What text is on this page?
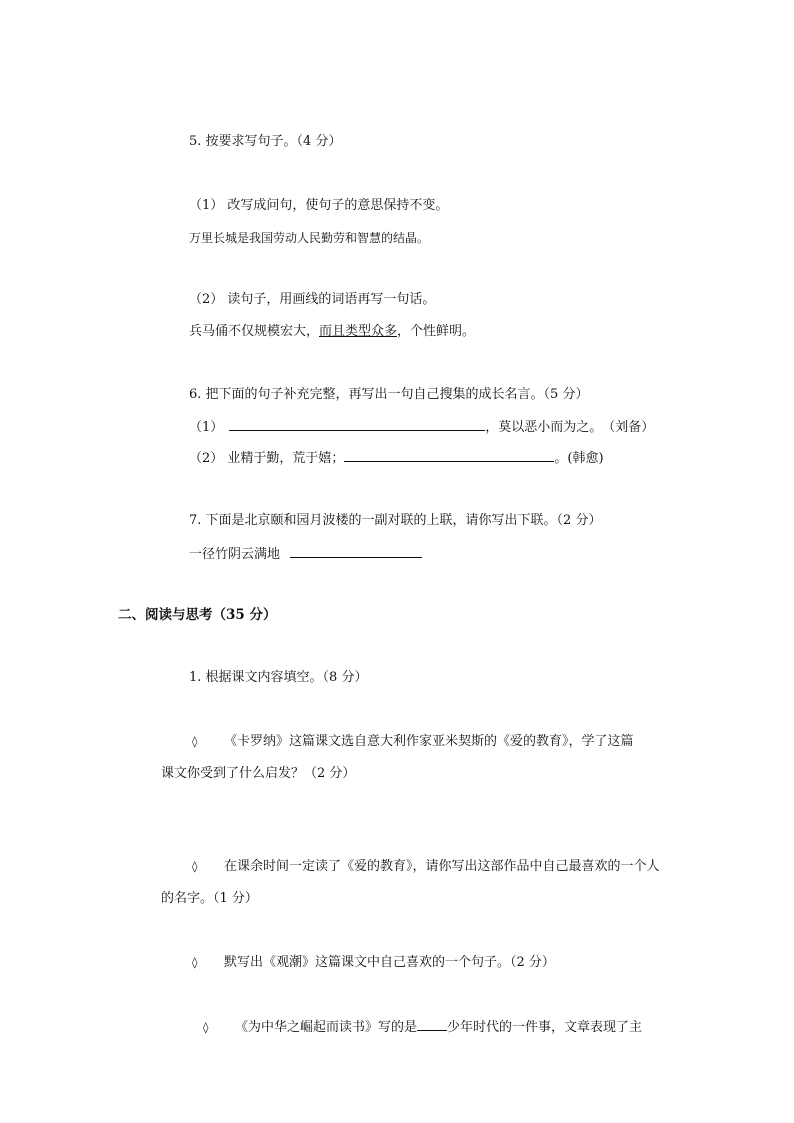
5. 按要求写句子。（4 分）
（1） 改写成问句，使句子的意思保持不变。
万里长城是我国劳动人民勤劳和智慧的结晶。
（2） 读句子，用画线的词语再写一句话。
兵马俑不仅规模宏大，而且类型众多，个性鲜明。
6. 把下面的句子补充完整，再写出一句自己搜集的成长名言。（5 分）
（1）	，莫以恶小而为之。　（刘备）
（2） 业精于勤，荒于嬉；	。(韩愈)
7. 下面是北京颐和园月波楼的一副对联的上联，请你写出下联。（2 分）
一径竹阴云满地
二、阅读与思考（35 分）
1. 根据课文内容填空。（8 分）
◊ 《卡罗纳》这篇课文选自意大利作家亚米契斯的《爱的教育》，学了这篇
课文你受到了什么启发？（2 分）
◊ 在课余时间一定读了《爱的教育》，请你写出这部作品中自己最喜欢的一个人
的名字。（1 分）
◊ 默写出《观潮》这篇课文中自己喜欢的一个句子。（2 分）
◊ 《为中华之崛起而读书》写的是 少年时代的一件事，文章表现了主
